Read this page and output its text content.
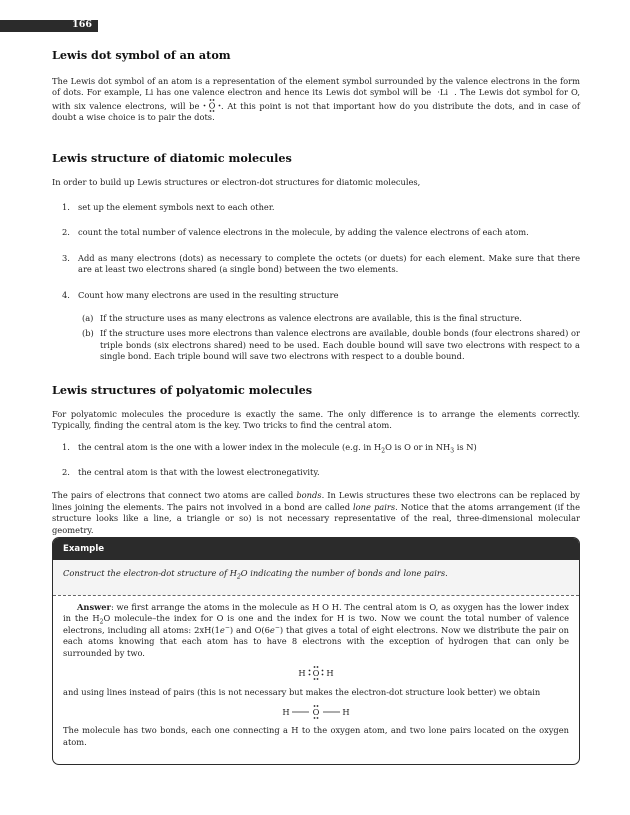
166
Lewis dot symbol of an atom

The Lewis dot symbol of an atom is a representation of the element symbol surrounded by the valence electrons in the form of dots. For example, Li has one valence electron and hence its Lewis dot symbol will be ·Li . The Lewis dot symbol for O, with six valence electrons, will be O . At this point is not that important how do you distribute the dots, and in case of doubt a wise choice is to pair the dots.

Lewis structure of diatomic molecules

In order to build up Lewis structures or electron-dot structures for diatomic molecules,

1. set up the element symbols next to each other.
2. count the total number of valence electrons in the molecule, by adding the valence electrons of each atom.
3. Add as many electrons (dots) as necessary to complete the octets (or duets) for each element. Make sure that there are at least two electrons shared (a single bond) between the two elements.
4. Count how many electrons are used in the resulting structure
(a) If the structure uses as many electrons as valence electrons are available, this is the final structure.
(b) If the structure uses more electrons than valence electrons are available, double bonds (four electrons shared) or triple bonds (six electrons shared) need to be used. Each double bound will save two electrons with respect to a single bond. Each triple bound will save two electrons with respect to a double bound.
Lewis structures of polyatomic molecules

For polyatomic molecules the procedure is exactly the same. The only difference is to arrange the elements correctly. Typically, finding the central atom is the key. Two tricks to find the central atom.

1. the central atom is the one with a lower index in the molecule (e.g. in $H_2O$ is O or in $NH_3$ is N)
2. the central atom is that with the lowest electronegativity.

The pairs of electrons that connect two atoms are called bonds. In Lewis structures these two electrons can be replaced by lines joining the elements. The pairs not involved in a bond are called lone pairs. Notice that the atoms arrangement (if the structure looks like a line, a triangle or so) is not necessary representative of the real, three-dimensional molecular geometry.

Example
Construct the electron-dot structure of $H_2O$ indicating the number of bonds and lone pairs.

Answer: we first arrange the atoms in the molecule as H O H. The central atom is O, as oxygen has the lower index in the $H_2O$ molecule–the index for O is one and the index for H is two. Now we count the total number of valence electrons, including all atoms: 2xH(1e−) and O(6e−) that gives a total of eight electrons. Now we distribute the pair on each atoms knowing that each atom has to have 8 electrons with the exception of hydrogen that can only be surrounded by two.

H O H

and using lines instead of pairs (this is not necessary but makes the electron-dot structure look better) we obtain

H	O	H

The molecule has two bonds, each one connecting a H to the oxygen atom, and two lone pairs located on the oxygen atom.
